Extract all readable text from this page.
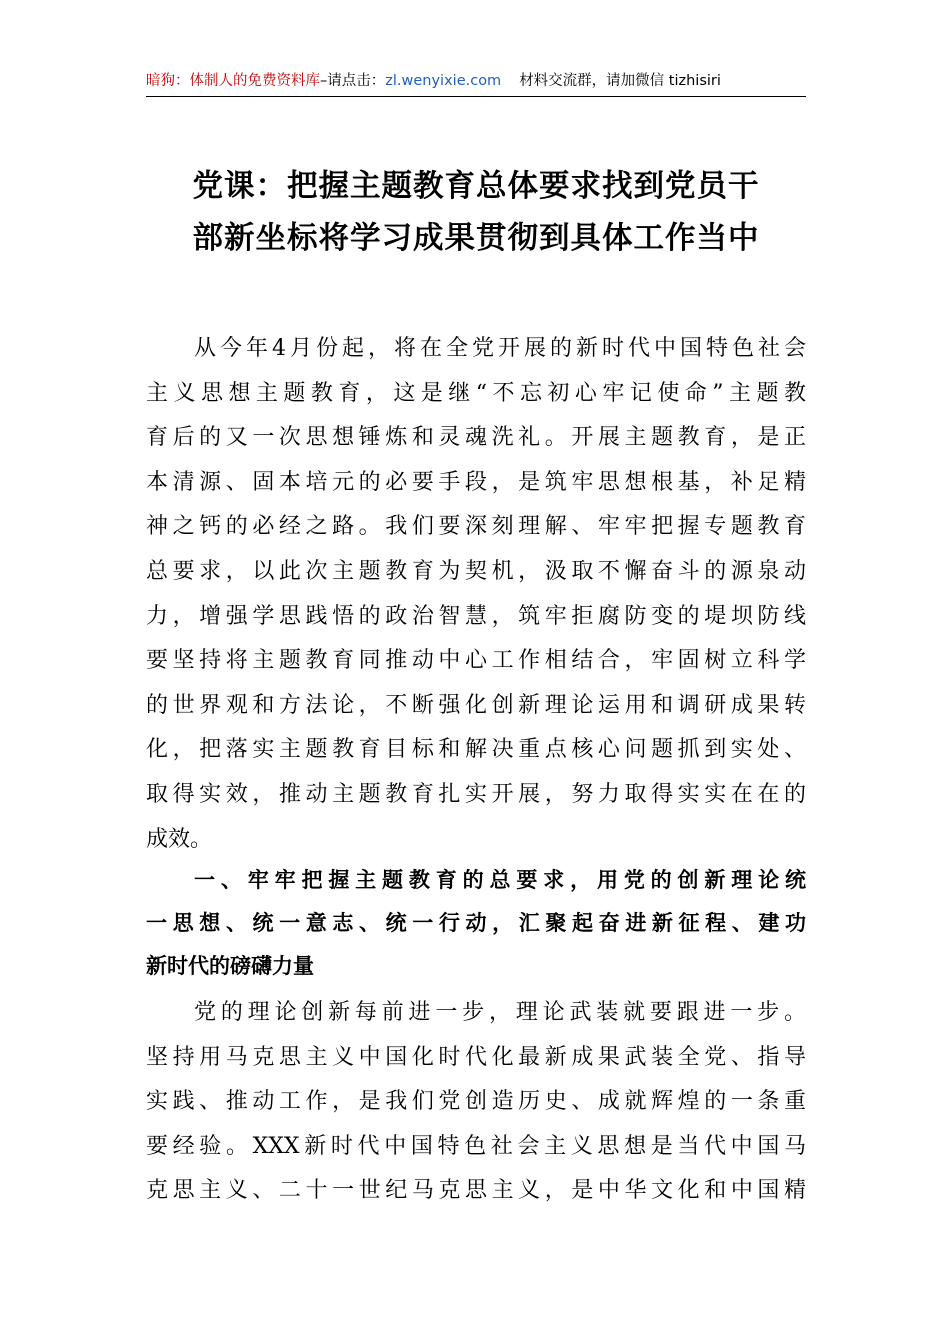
暗狗：体制人的免费资料库–请点击：zl.wenyixie.com 材料交流群，请加微信 tizhisiri
党课：把握主题教育总体要求找到党员干
部新坐标将学习成果贯彻到具体工作当中
从今年4月份起，将在全党开展的新时代中国特色社会
主义思想主题教育，这是继“不忘初心牢记使命”主题教
育后的又一次思想锤炼和灵魂洗礼。开展主题教育，是正
本清源、固本培元的必要手段，是筑牢思想根基，补足精
神之钙的必经之路。我们要深刻理解、牢牢把握专题教育
总要求，以此次主题教育为契机，汲取不懈奋斗的源泉动
力，增强学思践悟的政治智慧，筑牢拒腐防变的堤坝防线
要坚持将主题教育同推动中心工作相结合，牢固树立科学
的世界观和方法论，不断强化创新理论运用和调研成果转
化，把落实主题教育目标和解决重点核心问题抓到实处、
取得实效，推动主题教育扎实开展，努力取得实实在在的
成效。
一、牢牢把握主题教育的总要求，用党的创新理论统
一思想、统一意志、统一行动，汇聚起奋进新征程、建功
新时代的磅礴力量
党的理论创新每前进一步，理论武装就要跟进一步。
坚持用马克思主义中国化时代化最新成果武装全党、指导
实践、推动工作，是我们党创造历史、成就辉煌的一条重
要经验。XXX新时代中国特色社会主义思想是当代中国马
克思主义、二十一世纪马克思主义，是中华文化和中国精
